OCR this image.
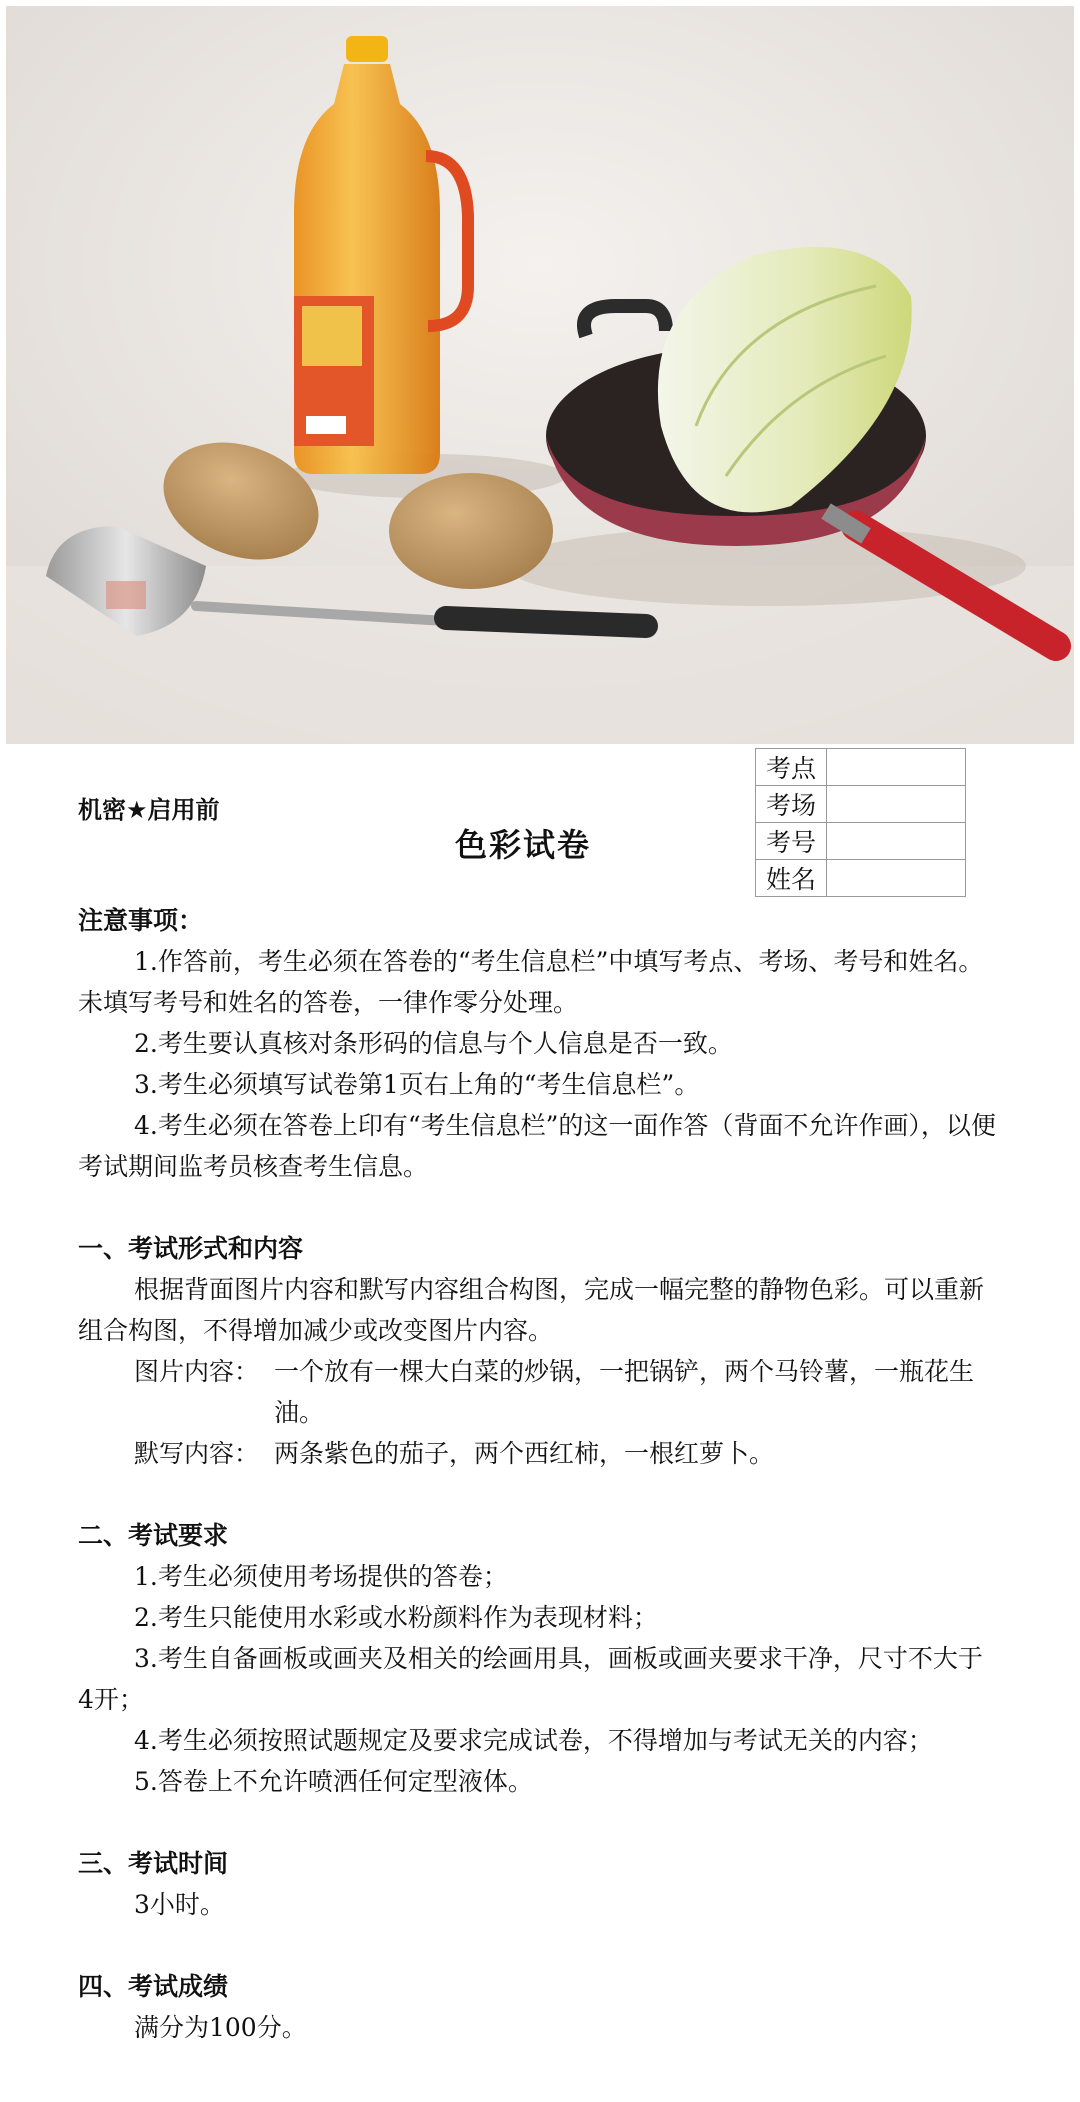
机密★启用前
色彩试卷
考点	
考场	
考号	
姓名	

注意事项：

1.作答前，考生必须在答卷的“考生信息栏”中填写考点、考场、考号和姓名。未填写考号和姓名的答卷，一律作零分处理。

2.考生要认真核对条形码的信息与个人信息是否一致。

3.考生必须填写试卷第1页右上角的“考生信息栏”。

4.考生必须在答卷上印有“考生信息栏”的这一面作答（背面不允许作画），以便考试期间监考员核查考生信息。

一、考试形式和内容

根据背面图片内容和默写内容组合构图，完成一幅完整的静物色彩。可以重新组合构图，不得增加减少或改变图片内容。

图片内容： 一个放有一棵大白菜的炒锅，一把锅铲，两个马铃薯，一瓶花生油。

默写内容： 两条紫色的茄子，两个西红柿，一根红萝卜。

二、考试要求

1.考生必须使用考场提供的答卷；

2.考生只能使用水彩或水粉颜料作为表现材料；

3.考生自备画板或画夹及相关的绘画用具，画板或画夹要求干净，尺寸不大于4开；

4.考生必须按照试题规定及要求完成试卷，不得增加与考试无关的内容；

5.答卷上不允许喷洒任何定型液体。

三、考试时间

3小时。

四、考试成绩

满分为100分。
